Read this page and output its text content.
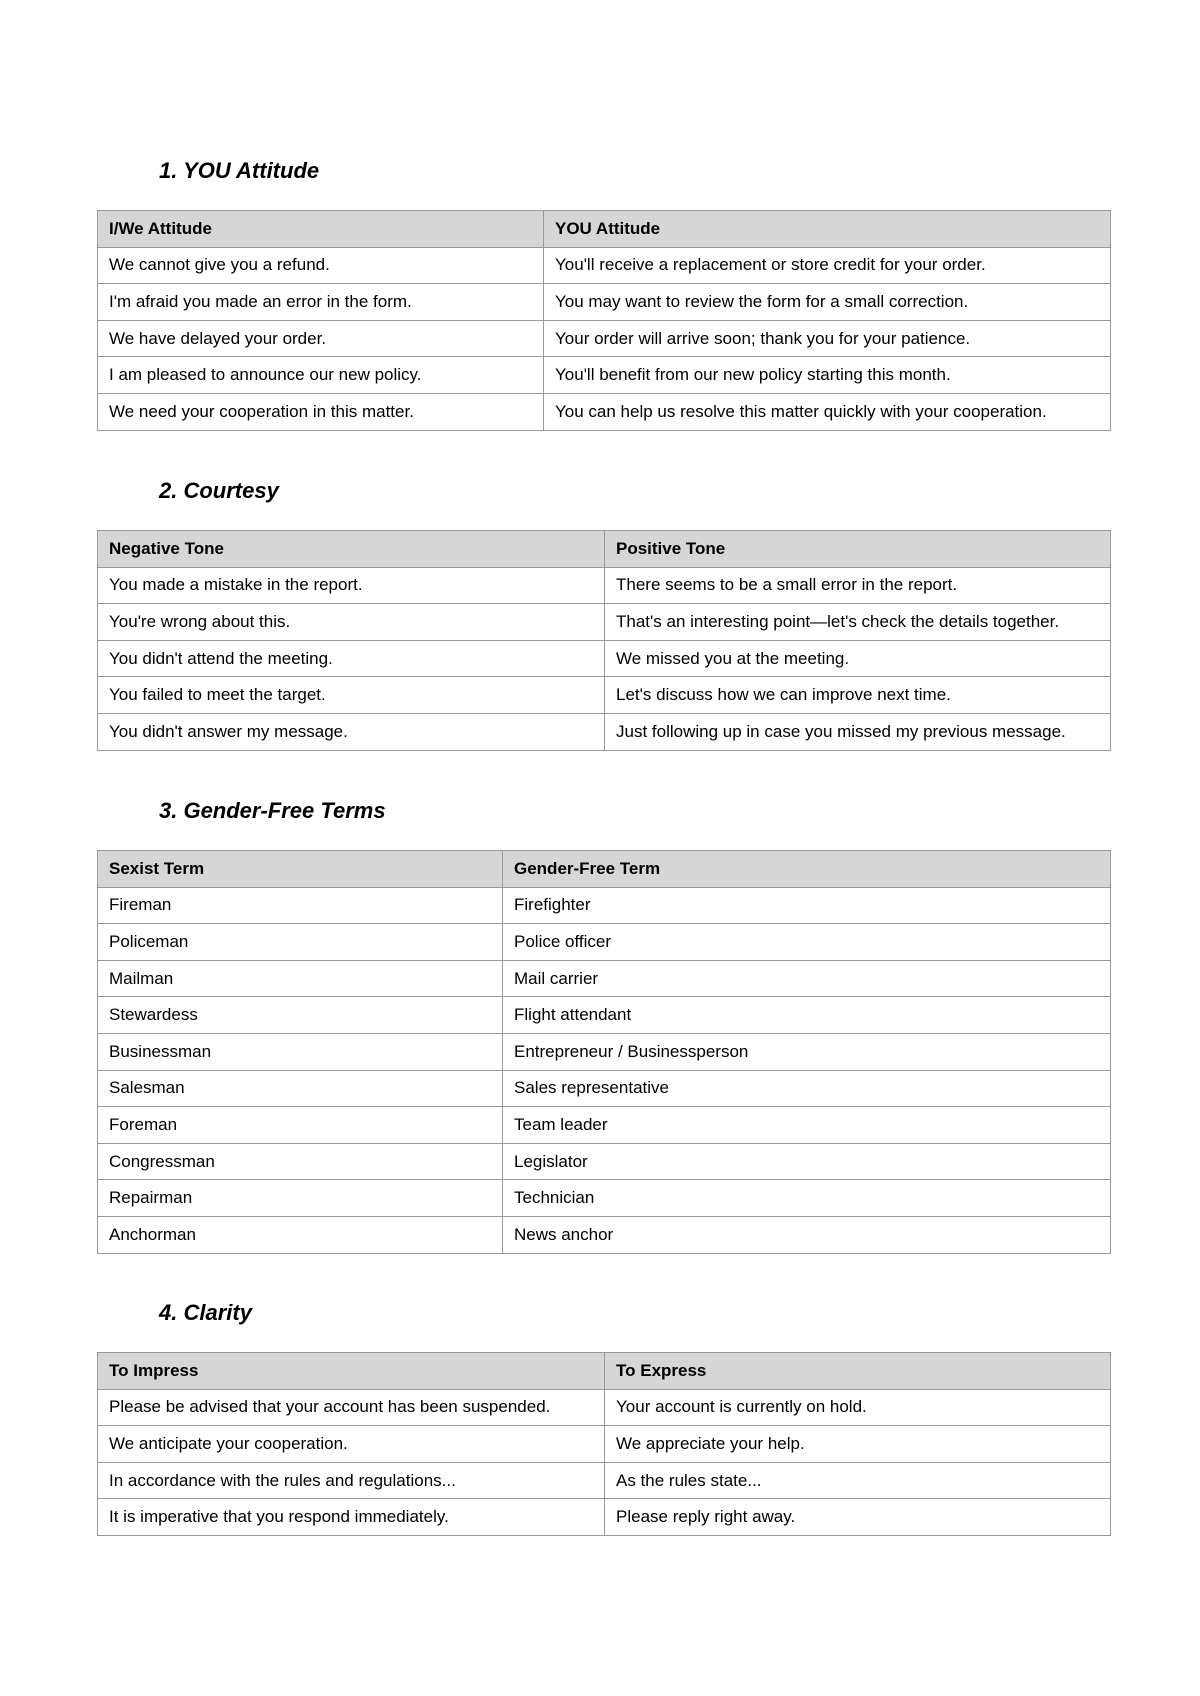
1. YOU Attitude
I/We Attitude	YOU Attitude
We cannot give you a refund.	You'll receive a replacement or store credit for your order.
I'm afraid you made an error in the form.	You may want to review the form for a small correction.
We have delayed your order.	Your order will arrive soon; thank you for your patience.
I am pleased to announce our new policy.	You'll benefit from our new policy starting this month.
We need your cooperation in this matter.	You can help us resolve this matter quickly with your cooperation.
2. Courtesy
Negative Tone	Positive Tone
You made a mistake in the report.	There seems to be a small error in the report.
You're wrong about this.	That's an interesting point—let's check the details together.
You didn't attend the meeting.	We missed you at the meeting.
You failed to meet the target.	Let's discuss how we can improve next time.
You didn't answer my message.	Just following up in case you missed my previous message.
3. Gender-Free Terms
Sexist Term	Gender-Free Term
Fireman	Firefighter
Policeman	Police officer
Mailman	Mail carrier
Stewardess	Flight attendant
Businessman	Entrepreneur / Businessperson
Salesman	Sales representative
Foreman	Team leader
Congressman	Legislator
Repairman	Technician
Anchorman	News anchor
4. Clarity
To Impress	To Express
Please be advised that your account has been suspended.	Your account is currently on hold.
We anticipate your cooperation.	We appreciate your help.
In accordance with the rules and regulations...	As the rules state...
It is imperative that you respond immediately.	Please reply right away.
